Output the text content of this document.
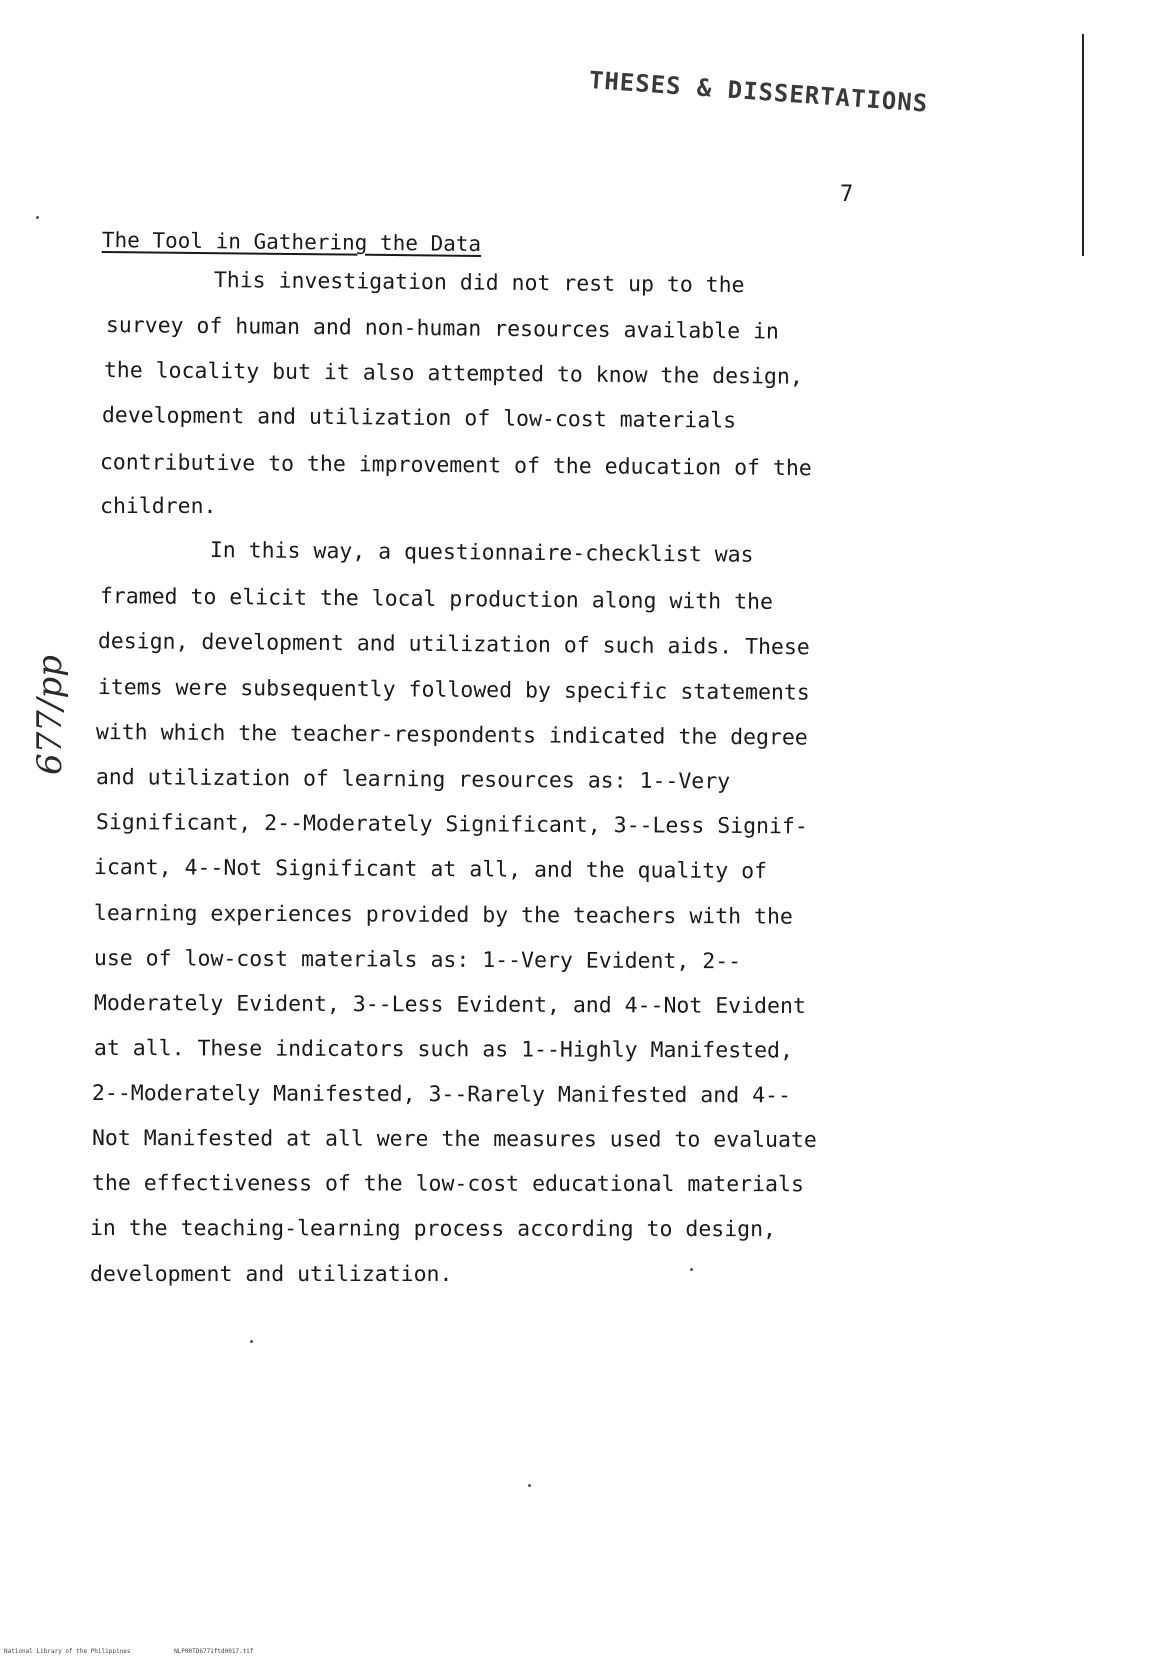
THESES & DISSERTATIONS
7
The Tool in Gathering the Data
This investigation did not rest up to the
survey of human and non-human resources available in
the locality but it also attempted to know the design,
development and utilization of low-cost materials
contributive to the improvement of the education of the
children.
In this way, a questionnaire-checklist was
framed to elicit the local production along with the
design, development and utilization of such aids. These
items were subsequently followed by specific statements
with which the teacher-respondents indicated the degree
and utilization of learning resources as: 1--Very
Significant, 2--Moderately Significant, 3--Less Signif-
icant, 4--Not Significant at all, and the quality of
learning experiences provided by the teachers with the
use of low-cost materials as: 1--Very Evident, 2--
Moderately Evident, 3--Less Evident, and 4--Not Evident
at all. These indicators such as 1--Highly Manifested,
2--Moderately Manifested, 3--Rarely Manifested and 4--
Not Manifested at all were the measures used to evaluate
the effectiveness of the low-cost educational materials
in the teaching-learning process according to design,
development and utilization.
677/pp
National Library of the Philippines	NLP00TD6771ftd0017.tif
